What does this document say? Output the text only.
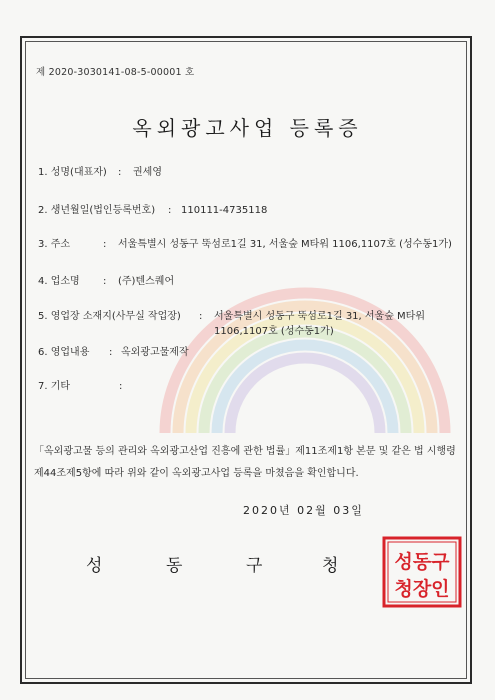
제 2020-3030141-08-5-00001 호
옥외광고사업 등록증
1. 성명(대표자) : 권세영
2. 생년월일(법인등록번호) : 110111-4735118
3. 주소	: 서울특별시 성동구 뚝섬로1길 31, 서울숲 M타워 1106,1107호 (성수동1가)
4. 업소명 : (주)텐스퀘어
5. 영업장 소재지(사무실 작업장) : 서울특별시 성동구 뚝섬로1길 31, 서울숲 M타워 1106,1107호 (성수동1가)
6. 영업내용 : 옥외광고물제작
7. 기타	:
「옥외광고물 등의 관리와 옥외광고산업 진흥에 관한 법률」제11조제1항 본문 및 같은 법 시행령 제44조제5항에 따라 위와 같이 옥외광고사업 등록을 마쳤음을 확인합니다.
2020년 02월 03일
성	동	구	청	성동구
청장인
